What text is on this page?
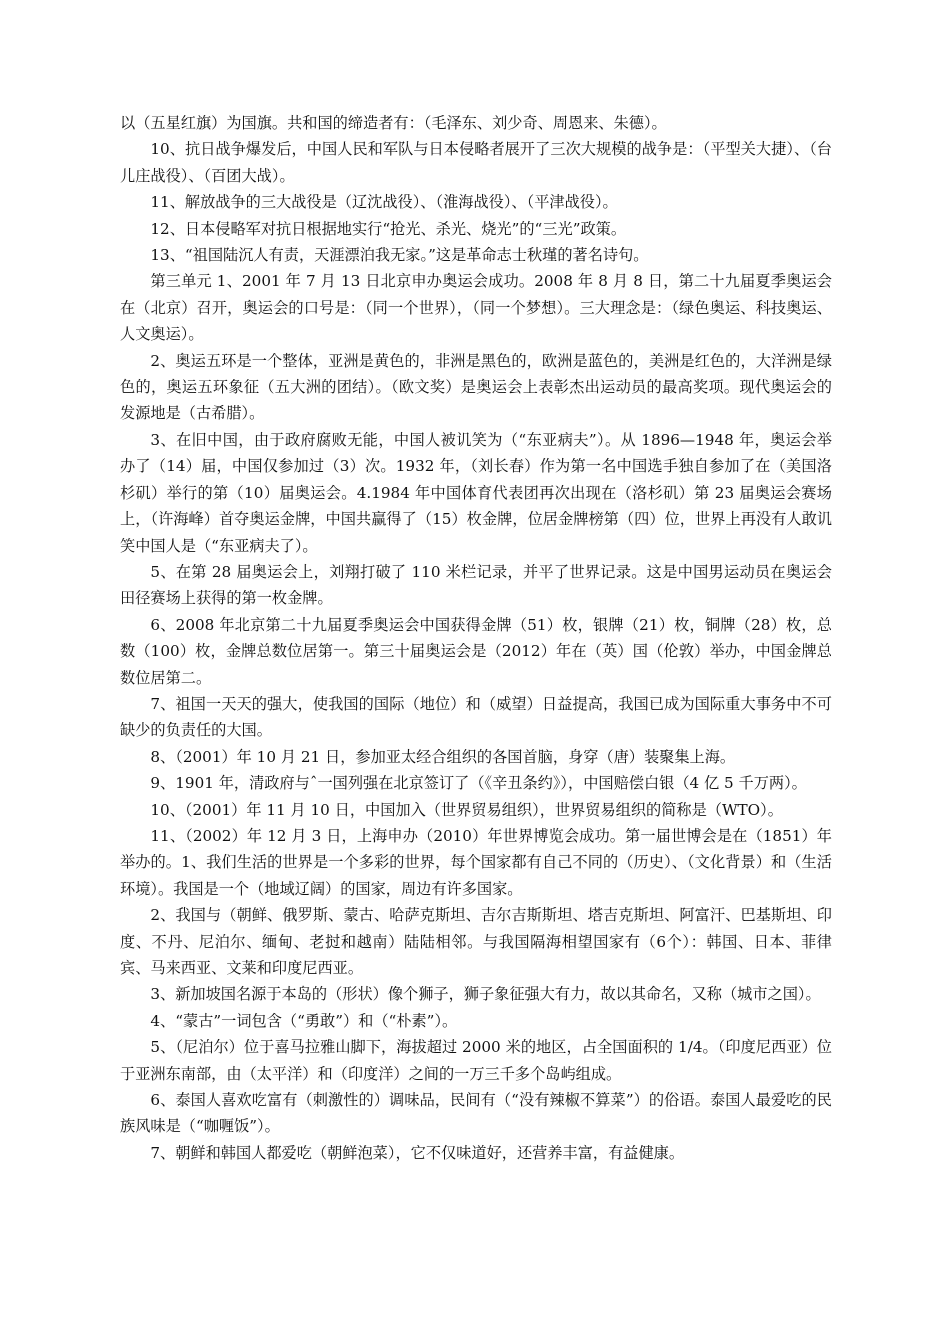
以（五星红旗）为国旗。共和国的缔造者有：（毛泽东、刘少奇、周恩来、朱德）。

10、抗日战争爆发后，中国人民和军队与日本侵略者展开了三次大规模的战争是：（平型关大捷）、（台儿庄战役）、（百团大战）。

11、解放战争的三大战役是（辽沈战役）、（淮海战役）、（平津战役）。

12、日本侵略军对抗日根据地实行“抢光、杀光、烧光”的“三光”政策。

13、“祖国陆沉人有责，天涯漂泊我无家。”这是革命志士秋瑾的著名诗句。

第三单元 1、2001 年 7 月 13 日北京申办奥运会成功。2008 年 8 月 8 日，第二十九届夏季奥运会在（北京）召开，奥运会的口号是：（同一个世界），（同一个梦想）。三大理念是：（绿色奥运、科技奥运、人文奥运）。

2、奥运五环是一个整体，亚洲是黄色的，非洲是黑色的，欧洲是蓝色的，美洲是红色的，大洋洲是绿色的，奥运五环象征（五大洲的团结）。（欧文奖）是奥运会上表彰杰出运动员的最高奖项。现代奥运会的发源地是（古希腊）。

3、在旧中国，由于政府腐败无能，中国人被讥笑为（“东亚病夫”）。从 1896—1948 年，奥运会举办了（14）届，中国仅参加过（3）次。1932 年，（刘长春）作为第一名中国选手独自参加了在（美国洛杉矶）举行的第（10）届奥运会。4.1984 年中国体育代表团再次出现在（洛杉矶）第 23 届奥运会赛场上，（许海峰）首夺奥运金牌，中国共赢得了（15）枚金牌，位居金牌榜第（四）位，世界上再没有人敢讥笑中国人是（“东亚病夫了）。

5、在第 28 届奥运会上，刘翔打破了 110 米栏记录，并平了世界记录。这是中国男运动员在奥运会田径赛场上获得的第一枚金牌。

6、2008 年北京第二十九届夏季奥运会中国获得金牌（51）枚，银牌（21）枚，铜牌（28）枚，总数（100）枚，金牌总数位居第一。第三十届奥运会是（2012）年在（英）国（伦敦）举办，中国金牌总数位居第二。

7、祖国一天天的强大，使我国的国际（地位）和（威望）日益提高，我国已成为国际重大事务中不可缺少的负责任的大国。

8、（2001）年 10 月 21 日，参加亚太经合组织的各国首脑，身穿（唐）装聚集上海。

9、1901 年，清政府与ˆ一国列强在北京签订了（《辛丑条约》），中国赔偿白银（4 亿 5 千万两）。

10、（2001）年 11 月 10 日，中国加入（世界贸易组织），世界贸易组织的简称是（WTO）。

11、（2002）年 12 月 3 日，上海申办（2010）年世界博览会成功。第一届世博会是在（1851）年举办的。1、我们生活的世界是一个多彩的世界，每个国家都有自己不同的（历史）、（文化背景）和（生活环境）。我国是一个（地域辽阔）的国家，周边有许多国家。

2、我国与（朝鲜、俄罗斯、蒙古、哈萨克斯坦、吉尔吉斯斯坦、塔吉克斯坦、阿富汗、巴基斯坦、印度、不丹、尼泊尔、缅甸、老挝和越南）陆陆相邻。与我国隔海相望国家有（6个）：韩国、日本、菲律宾、马来西亚、文莱和印度尼西亚。

3、新加坡国名源于本岛的（形状）像个狮子，狮子象征强大有力，故以其命名，又称（城市之国）。

4、“蒙古”一词包含（“勇敢”）和（“朴素”）。

5、（尼泊尔）位于喜马拉雅山脚下，海拔超过 2000 米的地区，占全国面积的 1/4。（印度尼西亚）位于亚洲东南部，由（太平洋）和（印度洋）之间的一万三千多个岛屿组成。

6、泰国人喜欢吃富有（刺激性的）调味品，民间有（“没有辣椒不算菜”）的俗语。泰国人最爱吃的民族风味是（“咖喱饭”）。

7、朝鲜和韩国人都爱吃（朝鲜泡菜），它不仅味道好，还营养丰富，有益健康。
